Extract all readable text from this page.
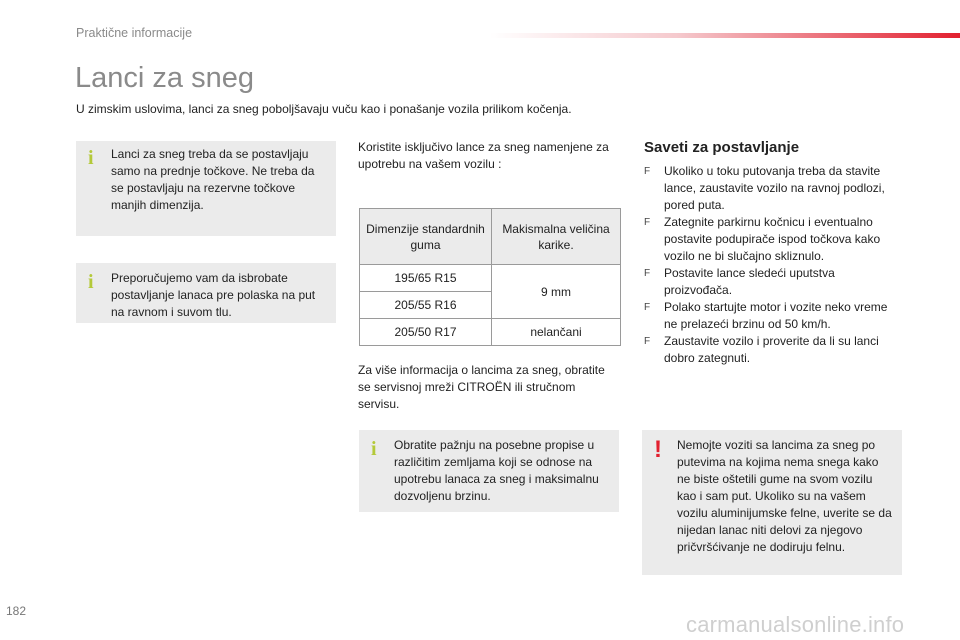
Praktične informacije
Lanci za sneg
U zimskim uslovima, lanci za sneg poboljšavaju vuču kao i ponašanje vozila prilikom kočenja.
i Lanci za sneg treba da se postavljaju samo na prednje točkove. Ne treba da se postavljaju na rezervne točkove manjih dimenzija.
i Preporučujemo vam da isbrobate postavljanje lanaca pre polaska na put na ravnom i suvom tlu.
Koristite isključivo lance za sneg namenjene za upotrebu na vašem vozilu :
Dimenzije standardnih guma	Makismalna veličina karike.
195/65 R15	9 mm
205/55 R16	
205/50 R17	nelančani
Za više informacija o lancima za sneg, obratite se servisnoj mreži CITROËN ili stručnom servisu.
i Obratite pažnju na posebne propise u različitim zemljama koji se odnose na upotrebu lanaca za sneg i maksimalnu dozvoljenu brzinu.
Saveti za postavljanje
F Ukoliko u toku putovanja treba da stavite lance, zaustavite vozilo na ravnoj podlozi, pored puta.
F Zategnite parkirnu kočnicu i eventualno postavite podupirače ispod točkova kako vozilo ne bi slučajno skliznulo.
F Postavite lance sledeći uputstva proizvođača.
F Polako startujte motor i vozite neko vreme ne prelazeći brzinu od 50 km/h.
F Zaustavite vozilo i proverite da li su lanci dobro zategnuti.
! Nemojte voziti sa lancima za sneg po putevima na kojima nema snega kako ne biste oštetili gume na svom vozilu kao i sam put. Ukoliko su na vašem vozilu aluminijumske felne, uverite se da nijedan lanac niti delovi za njegovo pričvršćivanje ne dodiruju felnu.
182
carmanualsonline.info
